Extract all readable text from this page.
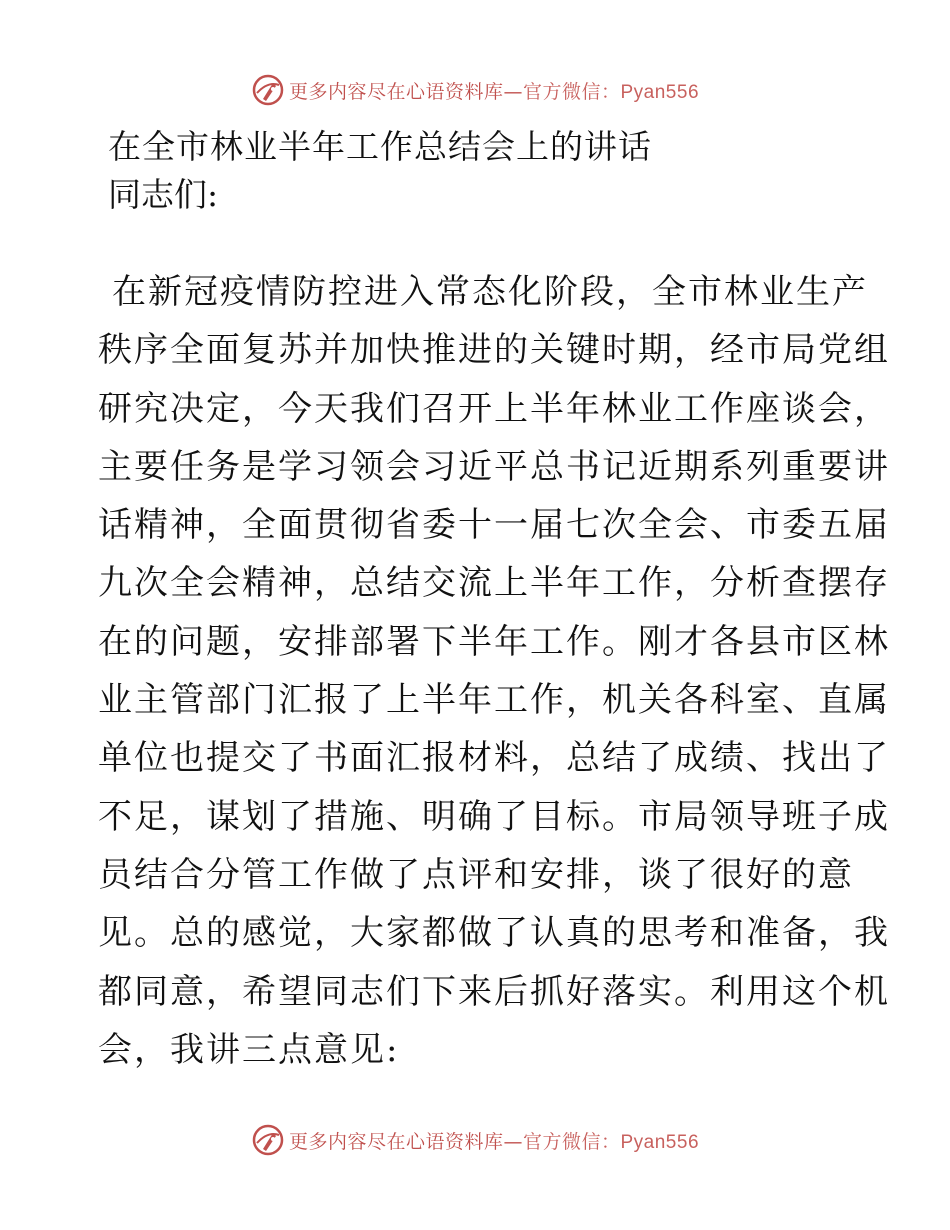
更多内容尽在心语资料库—官方微信：Pyan556
在全市林业半年工作总结会上的讲话
同志们:
在新冠疫情防控进入常态化阶段，全市林业生产
秩序全面复苏并加快推进的关键时期，经市局党组
研究决定，今天我们召开上半年林业工作座谈会，
主要任务是学习领会习近平总书记近期系列重要讲
话精神，全面贯彻省委十一届七次全会、市委五届
九次全会精神，总结交流上半年工作，分析查摆存
在的问题，安排部署下半年工作。刚才各县市区林
业主管部门汇报了上半年工作，机关各科室、直属
单位也提交了书面汇报材料，总结了成绩、找出了
不足，谋划了措施、明确了目标。市局领导班子成
员结合分管工作做了点评和安排，谈了很好的意
见。总的感觉，大家都做了认真的思考和准备，我
都同意，希望同志们下来后抓好落实。利用这个机
会，我讲三点意见:
更多内容尽在心语资料库—官方微信：Pyan556
